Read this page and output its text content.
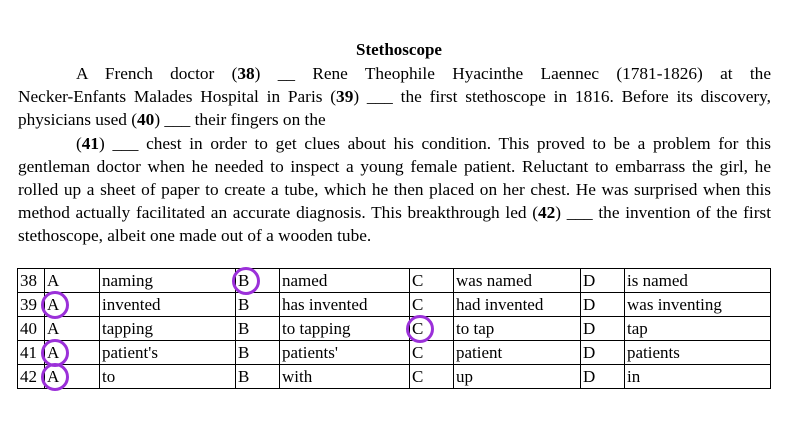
Stethoscope

A French doctor (38) __ Rene Theophile Hyacinthe Laennec (1781-1826) at the

Necker-Enfants Malades Hospital in Paris (39) ___ the first stethoscope in 1816. Before its discovery, physicians used (40) ___ their fingers on the

(41) ___ chest in order to get clues about his condition. This proved to be a problem for this gentleman doctor when he needed to inspect a young female patient. Reluctant to embarrass the girl, he rolled up a sheet of paper to create a tube, which he then placed on her chest. He was surprised when this method actually facilitated an accurate diagnosis. This breakthrough led (42) ___ the invention of the first stethoscope, albeit one made out of a wooden tube.

38	A	naming	B	named	C	was named	D	is named
39	A	invented	B	has invented	C	had invented	D	was inventing
40	A	tapping	B	to tapping	C	to tap	D	tap
41	A	patient's	B	patients'	C	patient	D	patients
42	A	to	B	with	C	up	D	in
